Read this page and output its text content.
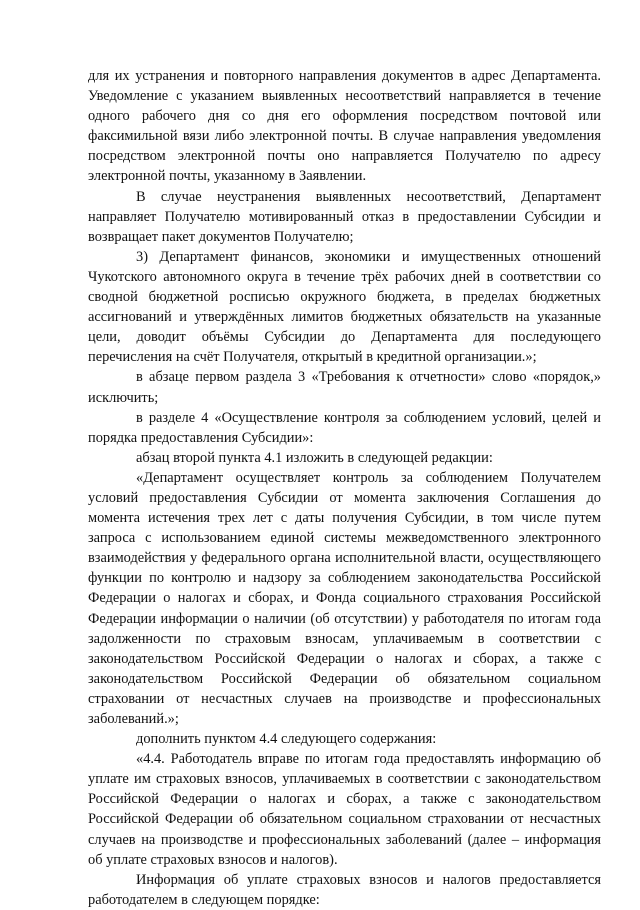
для их устранения и повторного направления документов в адрес Департамента. Уведомление с указанием выявленных несоответствий направляется в течение одного рабочего дня со дня его оформления посредством почтовой или факсимильной вязи либо электронной почты. В случае направления уведомления посредством электронной почты оно направляется Получателю по адресу электронной почты, указанному в Заявлении.

В случае неустранения выявленных несоответствий, Департамент направляет Получателю мотивированный отказ в предоставлении Субсидии и возвращает пакет документов Получателю;

3) Департамент финансов, экономики и имущественных отношений Чукотского автономного округа в течение трёх рабочих дней в соответствии со сводной бюджетной росписью окружного бюджета, в пределах бюджетных ассигнований и утверждённых лимитов бюджетных обязательств на указанные цели, доводит объёмы Субсидии до Департамента для последующего перечисления на счёт Получателя, открытый в кредитной организации.»;

в абзаце первом раздела 3 «Требования к отчетности» слово «порядок,» исключить;

в разделе 4 «Осуществление контроля за соблюдением условий, целей и порядка предоставления Субсидии»:

абзац второй пункта 4.1 изложить в следующей редакции:

«Департамент осуществляет контроль за соблюдением Получателем условий предоставления Субсидии от момента заключения Соглашения до момента истечения трех лет с даты получения Субсидии, в том числе путем запроса с использованием единой системы межведомственного электронного взаимодействия у федерального органа исполнительной власти, осуществляющего функции по контролю и надзору за соблюдением законодательства Российской Федерации о налогах и сборах, и Фонда социального страхования Российской Федерации информации о наличии (об отсутствии) у работодателя по итогам года задолженности по страховым взносам, уплачиваемым в соответствии с законодательством Российской Федерации о налогах и сборах, а также с законодательством Российской Федерации об обязательном социальном страховании от несчастных случаев на производстве и профессиональных заболеваний.»;

дополнить пунктом 4.4 следующего содержания:

«4.4. Работодатель вправе по итогам года предоставлять информацию об уплате им страховых взносов, уплачиваемых в соответствии с законодательством Российской Федерации о налогах и сборах, а также с законодательством Российской Федерации об обязательном социальном страховании от несчастных случаев на производстве и профессиональных заболеваний (далее – информация об уплате страховых взносов и налогов).

Информация об уплате страховых взносов и налогов предоставляется работодателем в следующем порядке:
